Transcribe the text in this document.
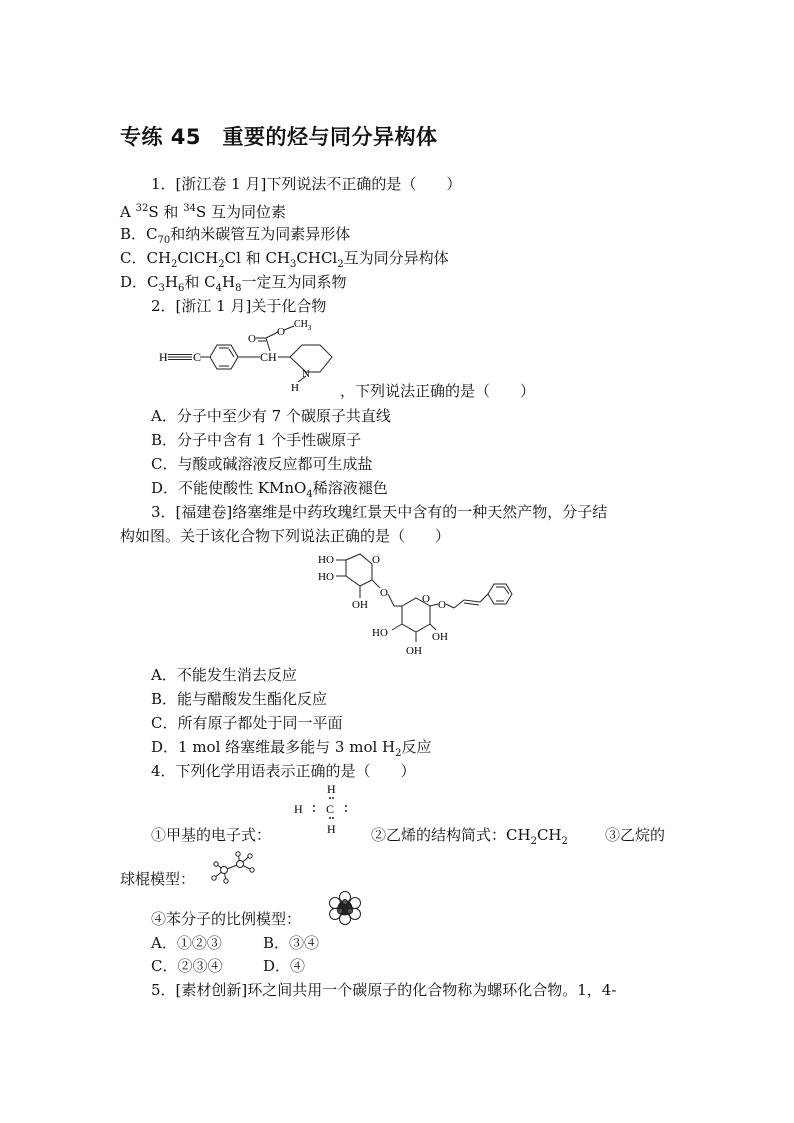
专练 45　重要的烃与同分异构体
1．[浙江卷 1 月]下列说法不正确的是（　　）
A $^{32}$S 和 $^{34}$S 互为同位素
B．$C_{70}$和纳米碳管互为同素异形体
C．$CH_2ClCH_2Cl$ 和 $CH_3CHCl_2$互为同分异构体
D．$C_3H_6$和 $C_4H_8$一定互为同系物
2．[浙江 1 月]关于化合物
H C
O
O
$CH_3$
CH
N
H	，下列说法正确的是（　　）
A．分子中至少有 7 个碳原子共直线
B．分子中含有 1 个手性碳原子
C．与酸或碱溶液反应都可生成盐
D．不能使酸性 KMnO$_4$稀溶液褪色
3．[福建卷]络塞维是中药玫瑰红景天中含有的一种天然产物，分子结
构如图。关于该化合物下列说法正确的是（　　）
HO
HO
OH
O
O	O O
HO	OH
OH
A．不能发生消去反应
B．能与醋酸发生酯化反应
C．所有原子都处于同一平面
D．1 mol 络塞维最多能与 3 mol $H_2$反应
4．下列化学用语表示正确的是（　　）
H
H C
H
①甲基的电子式：	②乙烯的结构简式：$CH_2CH_2$ ③乙烷的
球棍模型：
④苯分子的比例模型：
A．①②③	B．③④
C．②③④	D．④
5．[素材创新]环之间共用一个碳原子的化合物称为螺环化合物。1，4-
